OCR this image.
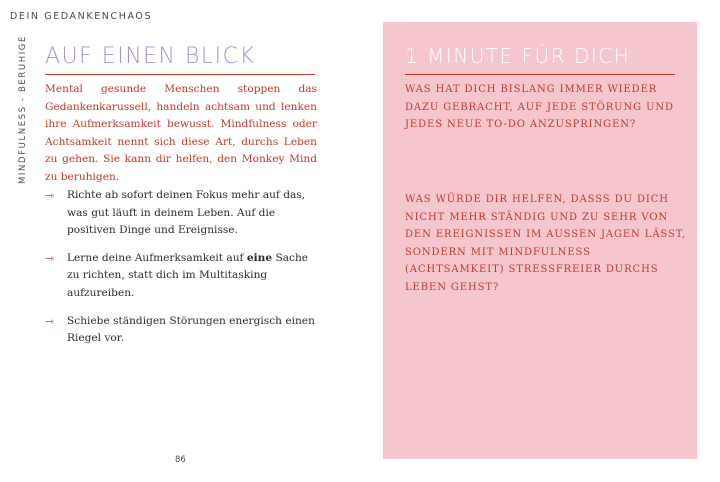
DEIN GEDANKENCHAOS
MINDFULNESS - BERUHIGE AUF EINEN BLICK
Mental gesunde Menschen stoppen das Gedankenkarussell, handeln achtsam und lenken ihre Aufmerksamkeit bewusst. Mindfulness oder Achtsamkeit nennt sich diese Art, durchs Leben zu gehen. Sie kann dir helfen, den Monkey Mind zu beruhigen.
⇾ Richte ab sofort deinen Fokus mehr auf das, was gut läuft in deinem Leben. Auf die positiven Dinge und Ereignisse.
⇾ Lerne deine Aufmerksamkeit auf eine Sache zu richten, statt dich im Multitasking aufzureiben.
⇾ Schiebe ständigen Störungen energisch einen Riegel vor.
86
1 MINUTE FÜR DICH
WAS HAT DICH BISLANG IMMER WIEDER DAZU GEBRACHT, AUF JEDE STÖRUNG UND JEDES NEUE TO-DO ANZUSPRINGEN?
WAS WÜRDE DIR HELFEN, DASSS DU DICH NICHT MEHR STÄNDIG UND ZU SEHR VON DEN EREIGNISSEN IM AUSSEN JAGEN LÄSST, SONDERN MIT MINDFULNESS (ACHTSAMKEIT) STRESSFREIER DURCHS LEBEN GEHST?
